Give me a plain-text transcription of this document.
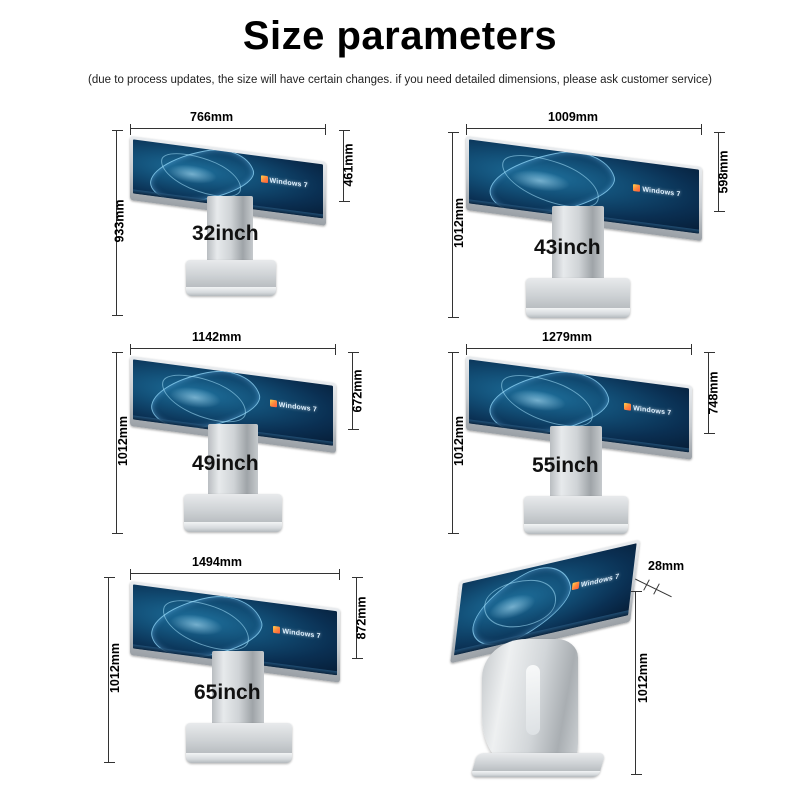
Size parameters
(due to process updates, the size will have certain changes. if you need detailed dimensions, please ask customer service)
766mm
Windows 7
32inch
461mm
933mm
1009mm
Windows 7
43inch
598mm
1012mm
1142mm
Windows 7
49inch
672mm
1012mm
1279mm
Windows 7
55inch
748mm
1012mm
1494mm
Windows 7
65inch
872mm
1012mm
28mm
Windows 7
1012mm
